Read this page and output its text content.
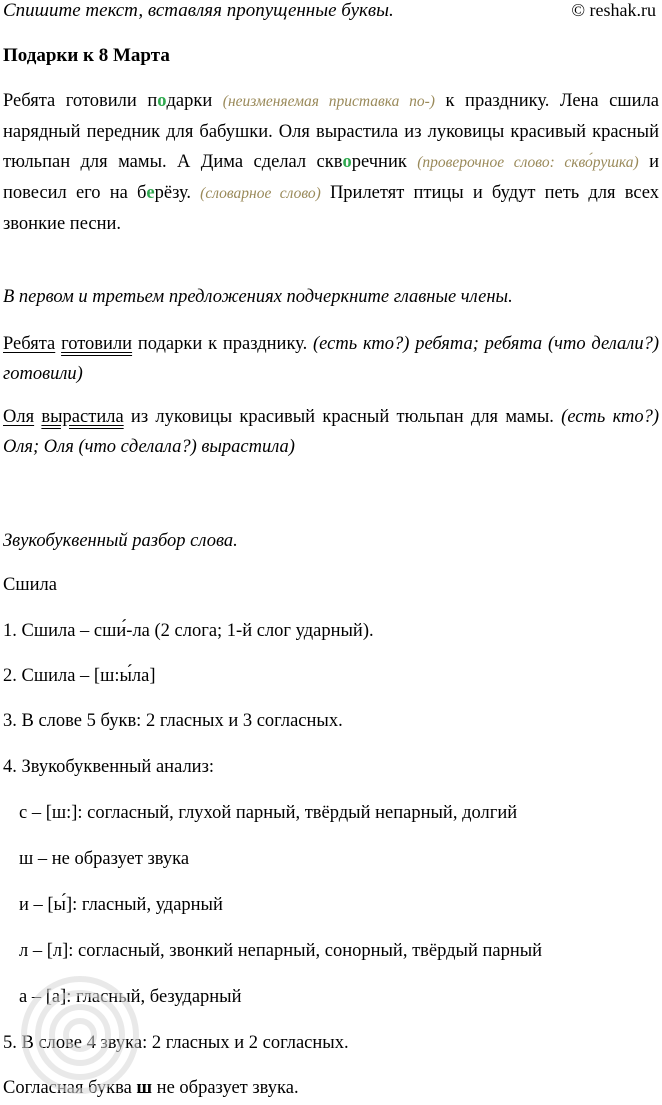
Спишите текст, вставляя пропущенные буквы.	© reshak.ru
Подарки к 8 Марта
Ребята готовили подарки (неизменяемая приставка по-) к празднику. Лена сшила нарядный передник для бабушки. Оля вырастила из луковицы красивый красный тюльпан для мамы. А Дима сделал скворечник (проверочное слово: скво́рушка) и повесил его на берёзу. (словарное слово) Прилетят птицы и будут петь для всех звонкие песни.
В первом и третьем предложениях подчеркните главные члены.
Ребята готовили подарки к празднику. (есть кто?) ребята; ребята (что делали?) готовили)
Оля вырастила из луковицы красивый красный тюльпан для мамы. (есть кто?) Оля; Оля (что сделала?) вырастила)
Звукобуквенный разбор слова.
Сшила
1. Сшила – сши́-ла (2 слога; 1-й слог ударный).
2. Сшила – [ш:ы́ла]
3. В слове 5 букв: 2 гласных и 3 согласных.
4. Звукобуквенный анализ:
с – [ш:]: согласный, глухой парный, твёрдый непарный, долгий
ш – не образует звука
и – [ы́]: гласный, ударный
л – [л]: согласный, звонкий непарный, сонорный, твёрдый парный
а – [а]: гласный, безударный
5. В слове 4 звука: 2 гласных и 2 согласных.
Согласная буква ш не образует звука.
